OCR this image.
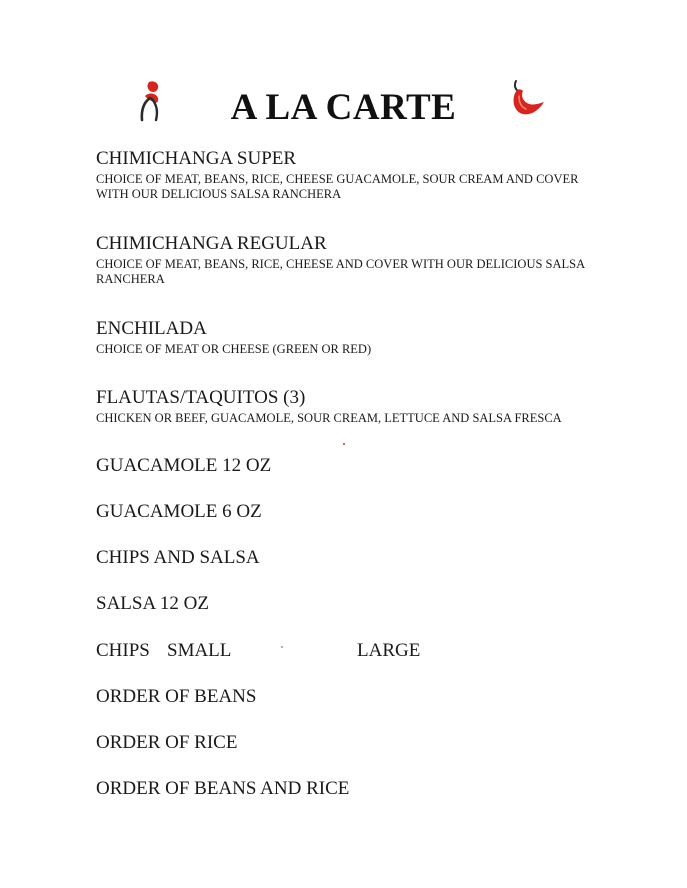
A LA CARTE
CHIMICHANGA SUPER
CHOICE OF MEAT, BEANS, RICE, CHEESE GUACAMOLE, SOUR CREAM AND COVER WITH OUR DELICIOUS SALSA RANCHERA
CHIMICHANGA REGULAR
CHOICE OF MEAT, BEANS, RICE, CHEESE AND COVER WITH OUR DELICIOUS SALSA RANCHERA
ENCHILADA
CHOICE OF MEAT OR CHEESE (GREEN OR RED)
FLAUTAS/TAQUITOS (3)
CHICKEN OR BEEF, GUACAMOLE, SOUR CREAM, LETTUCE AND SALSA FRESCA
GUACAMOLE 12 OZ
GUACAMOLE 6 OZ
CHIPS AND SALSA
SALSA 12 OZ
CHIPS SMALL	LARGE
ORDER OF BEANS
ORDER OF RICE
ORDER OF BEANS AND RICE
